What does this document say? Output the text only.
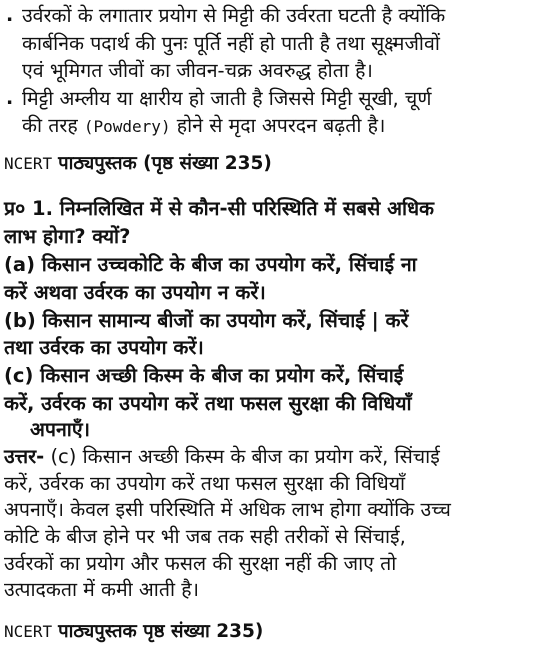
. उर्वरकों के लगातार प्रयोग से मिट्टी की उर्वरता घटती है क्योंकि
कार्बनिक पदार्थ की पुनः पूर्ति नहीं हो पाती है तथा सूक्ष्मजीवों
एवं भूमिगत जीवों का जीवन-चक्र अवरुद्ध होता है।
. मिट्टी अम्लीय या क्षारीय हो जाती है जिससे मिट्टी सूखी, चूर्ण
की तरह (Powdery) होने से मृदा अपरदन बढ़ती है।
NCERT पाठ्यपुस्तक (पृष्ठ संख्या 235)
प्र० 1. निम्नलिखित में से कौन-सी परिस्थिति में सबसे अधिक
लाभ होगा? क्यों?
(a) किसान उच्चकोटि के बीज का उपयोग करें, सिंचाई ना
करें अथवा उर्वरक का उपयोग न करें।
(b) किसान सामान्य बीजों का उपयोग करें, सिंचाई | करें
तथा उर्वरक का उपयोग करें।
(c) किसान अच्छी किस्म के बीज का प्रयोग करें, सिंचाई
करें, उर्वरक का उपयोग करें तथा फसल सुरक्षा की विधियाँ
अपनाएँ।
उत्तर- (c) किसान अच्छी किस्म के बीज का प्रयोग करें, सिंचाई
करें, उर्वरक का उपयोग करें तथा फसल सुरक्षा की विधियाँ
अपनाएँ। केवल इसी परिस्थिति में अधिक लाभ होगा क्योंकि उच्च
कोटि के बीज होने पर भी जब तक सही तरीकों से सिंचाई,
उर्वरकों का प्रयोग और फसल की सुरक्षा नहीं की जाए तो
उत्पादकता में कमी आती है।
NCERT पाठ्यपुस्तक पृष्ठ संख्या 235)
